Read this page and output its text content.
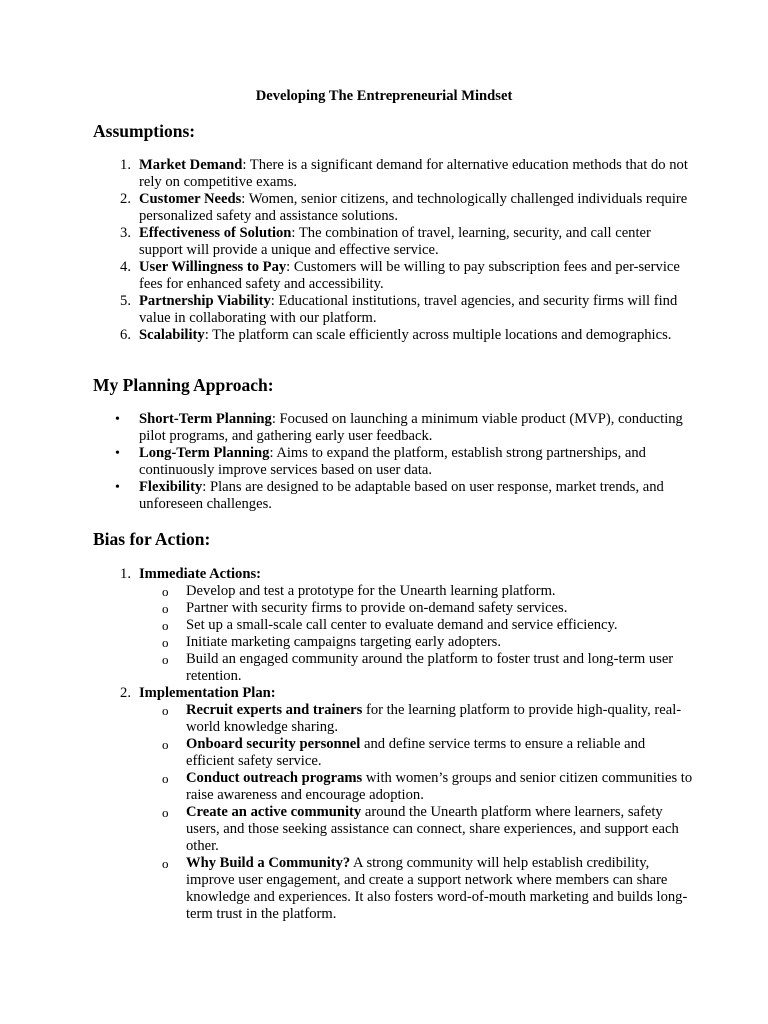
Developing The Entrepreneurial Mindset
Assumptions:
1. Market Demand: There is a significant demand for alternative education methods that do not rely on competitive exams.
2. Customer Needs: Women, senior citizens, and technologically challenged individuals require personalized safety and assistance solutions.
3. Effectiveness of Solution: The combination of travel, learning, security, and call center support will provide a unique and effective service.
4. User Willingness to Pay: Customers will be willing to pay subscription fees and per-service fees for enhanced safety and accessibility.
5. Partnership Viability: Educational institutions, travel agencies, and security firms will find value in collaborating with our platform.
6. Scalability: The platform can scale efficiently across multiple locations and demographics.
My Planning Approach:
•	Short-Term Planning: Focused on launching a minimum viable product (MVP), conducting pilot programs, and gathering early user feedback.
•	Long-Term Planning: Aims to expand the platform, establish strong partnerships, and continuously improve services based on user data.
•	Flexibility: Plans are designed to be adaptable based on user response, market trends, and unforeseen challenges.
Bias for Action:
1. Immediate Actions:
o	Develop and test a prototype for the Unearth learning platform.
o	Partner with security firms to provide on-demand safety services.
o	Set up a small-scale call center to evaluate demand and service efficiency.
o	Initiate marketing campaigns targeting early adopters.
o	Build an engaged community around the platform to foster trust and long-term user retention.
2. Implementation Plan:
o	Recruit experts and trainers for the learning platform to provide high-quality, real-world knowledge sharing.
o	Onboard security personnel and define service terms to ensure a reliable and efficient safety service.
o	Conduct outreach programs with women’s groups and senior citizen communities to raise awareness and encourage adoption.
o	Create an active community around the Unearth platform where learners, safety users, and those seeking assistance can connect, share experiences, and support each other.
o	Why Build a Community? A strong community will help establish credibility, improve user engagement, and create a support network where members can share knowledge and experiences. It also fosters word-of-mouth marketing and builds long-term trust in the platform.
